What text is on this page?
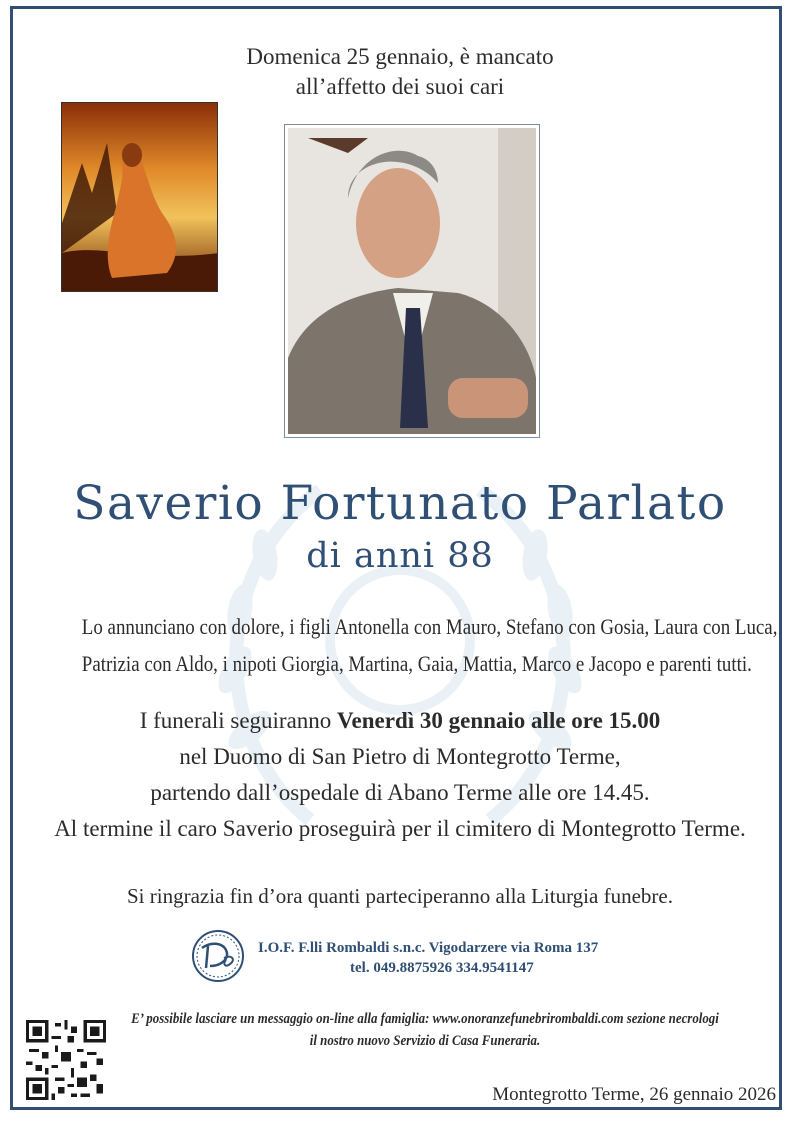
Domenica 25 gennaio, è mancato
all’affetto dei suoi cari
Saverio Fortunato Parlato
di anni 88
Lo annunciano con dolore, i figli Antonella con Mauro, Stefano con Gosia, Laura con Luca,
Patrizia con Aldo, i nipoti Giorgia, Martina, Gaia, Mattia, Marco e Jacopo e parenti tutti.
I funerali seguiranno Venerdì 30 gennaio alle ore 15.00
nel Duomo di San Pietro di Montegrotto Terme,
partendo dall’ospedale di Abano Terme alle ore 14.45.
Al termine il caro Saverio proseguirà per il cimitero di Montegrotto Terme.
Si ringrazia fin d’ora quanti parteciperanno alla Liturgia funebre.
I.O.F. F.lli Rombaldi s.n.c. Vigodarzere via Roma 137
tel. 049.8875926 334.9541147
E’ possibile lasciare un messaggio on-line alla famiglia: www.onoranzefunebrirombaldi.com sezione necrologi
il nostro nuovo Servizio di Casa Funeraria.
Montegrotto Terme, 26 gennaio 2026
